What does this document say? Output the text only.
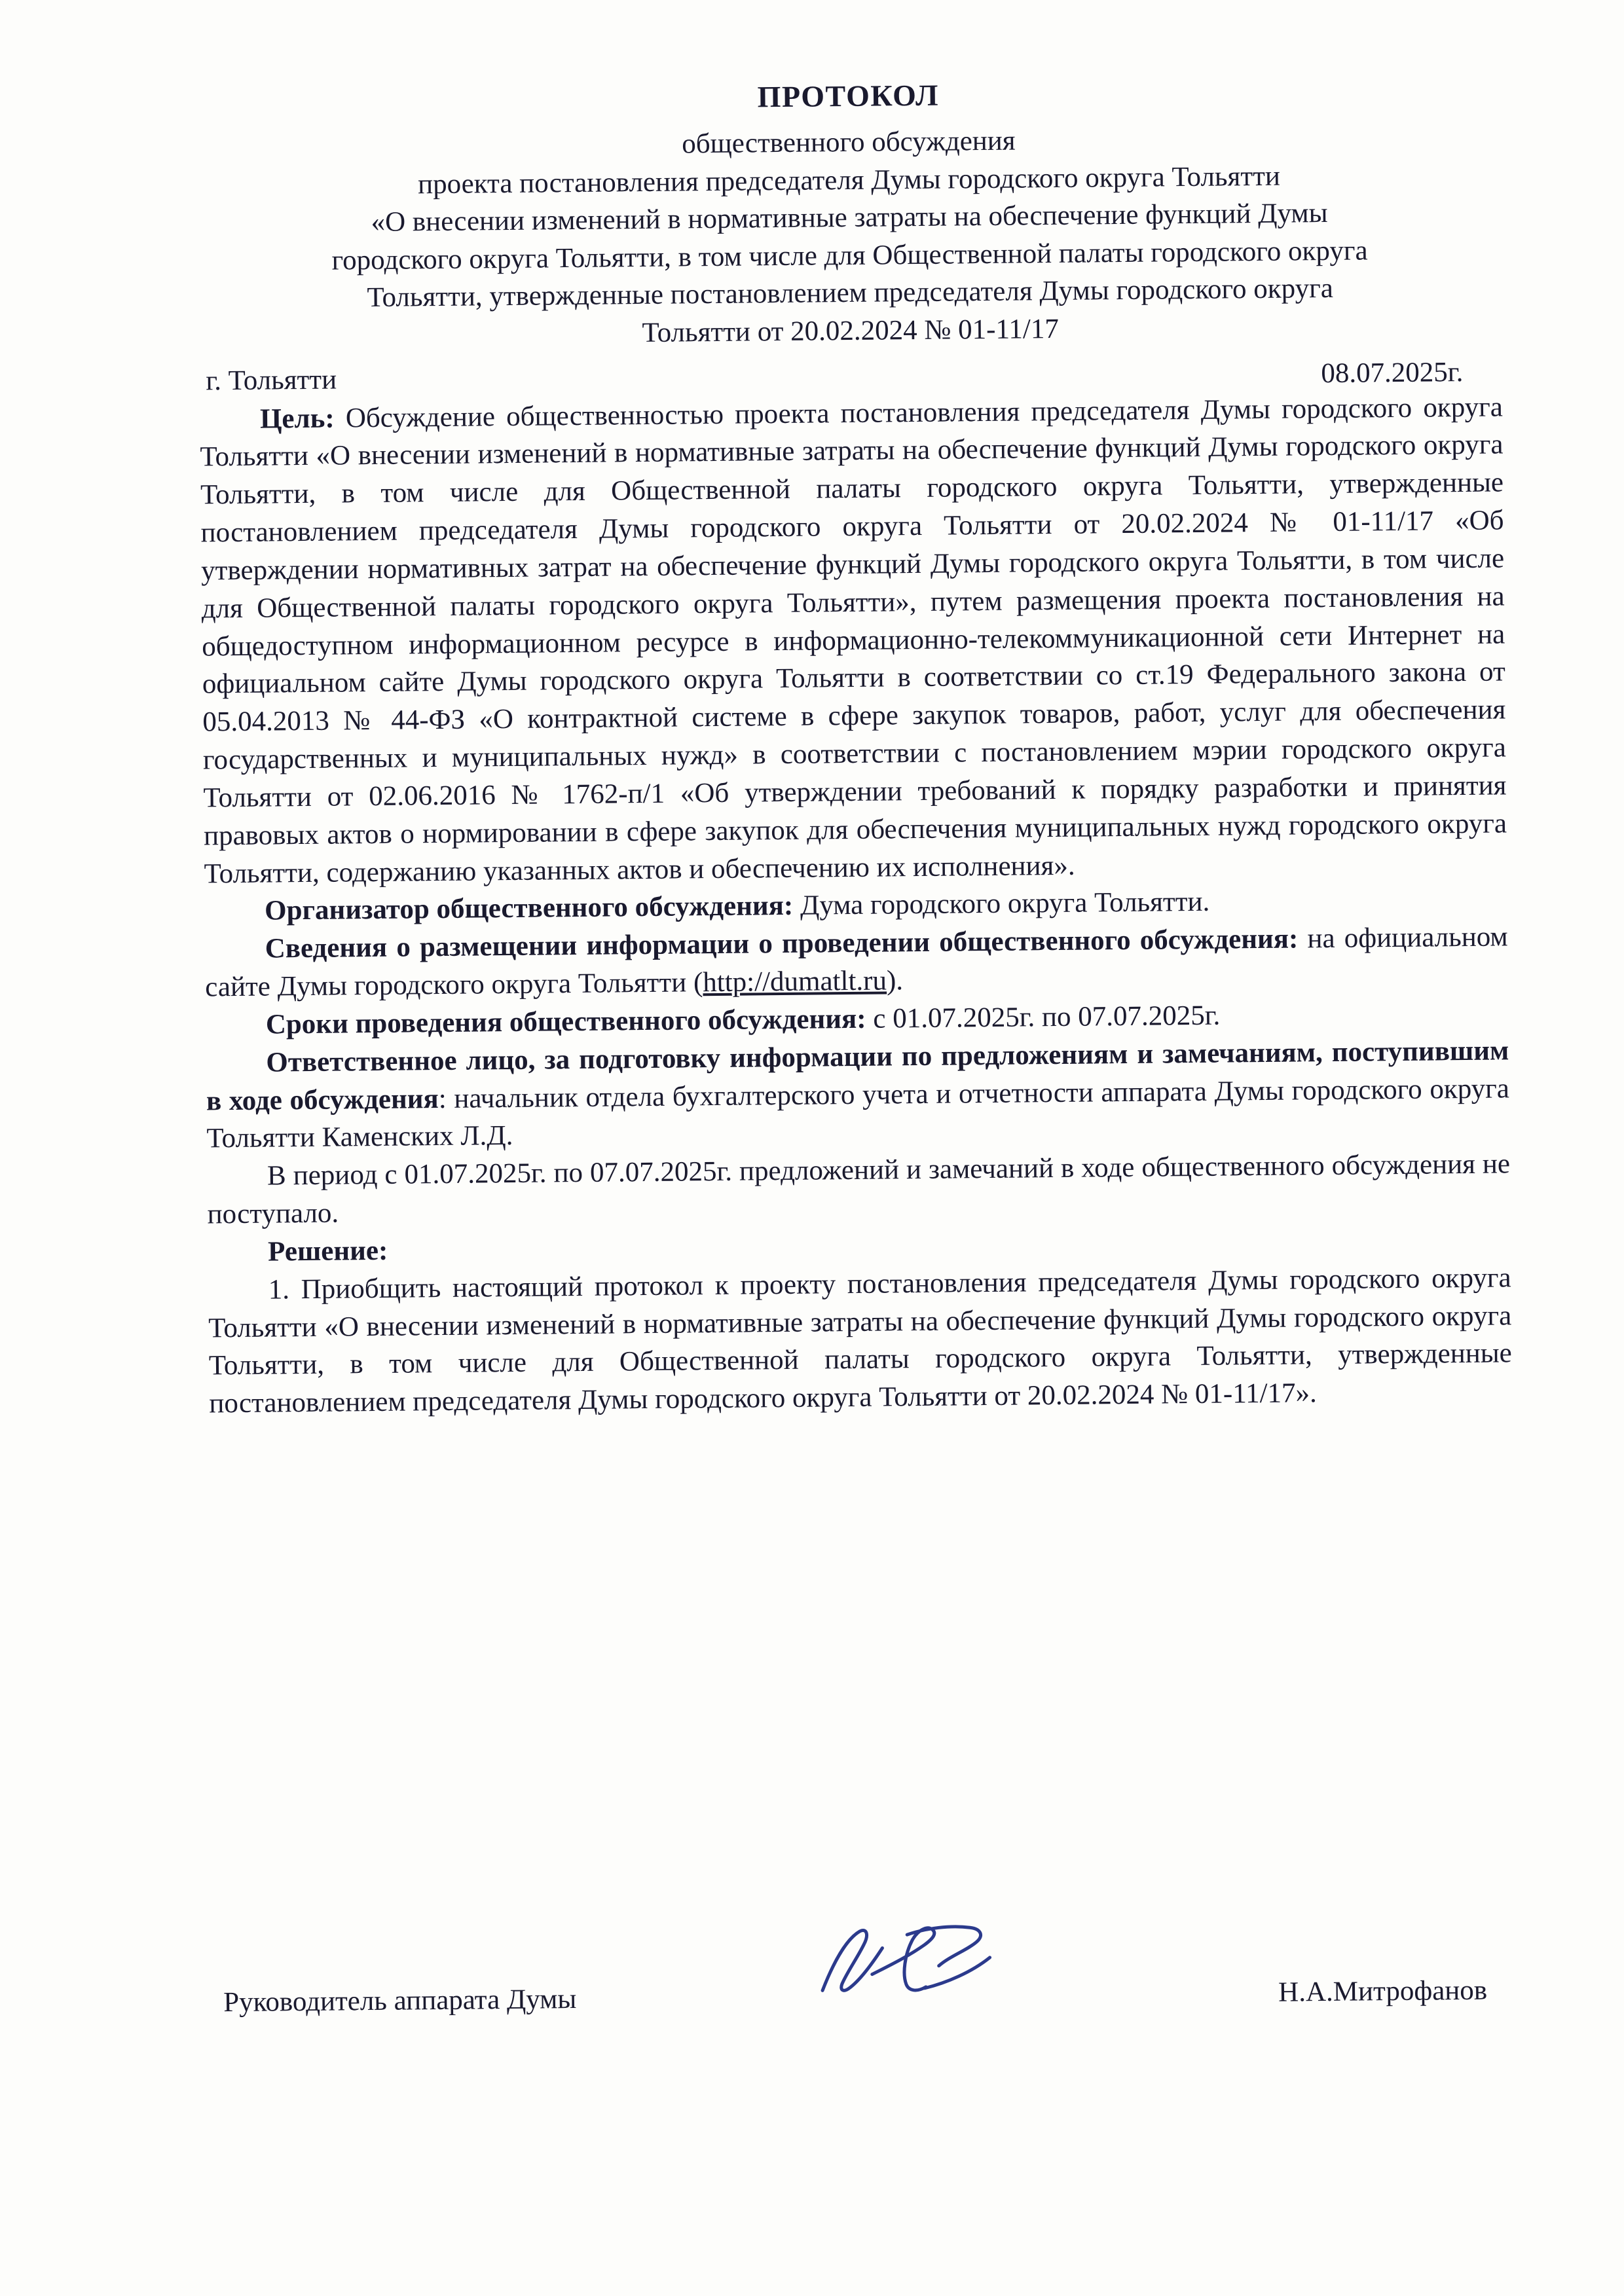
ПРОТОКОЛ
общественного обсуждения
проекта постановления председателя Думы городского округа Тольятти
«О внесении изменений в нормативные затраты на обеспечение функций Думы
городского округа Тольятти, в том числе для Общественной палаты городского округа
Тольятти, утвержденные постановлением председателя Думы городского округа
Тольятти от 20.02.2024 № 01-11/17
08.07.2025г.
г. Тольятти

Цель: Обсуждение общественностью проекта постановления председателя Думы городского округа Тольятти «О внесении изменений в нормативные затраты на обеспечение функций Думы городского округа Тольятти, в том числе для Общественной палаты городского округа Тольятти, утвержденные постановлением председателя Думы городского округа Тольятти от 20.02.2024 № 01-11/17 «Об утверждении нормативных затрат на обеспечение функций Думы городского округа Тольятти, в том числе для Общественной палаты городского округа Тольятти», путем размещения проекта постановления на общедоступном информационном ресурсе в информационно-телекоммуникационной сети Интернет на официальном сайте Думы городского округа Тольятти в соответствии со ст.19 Федерального закона от 05.04.2013 № 44-ФЗ «О контрактной системе в сфере закупок товаров, работ, услуг для обеспечения государственных и муниципальных нужд» в соответствии с постановлением мэрии городского округа Тольятти от 02.06.2016 № 1762-п/1 «Об утверждении требований к порядку разработки и принятия правовых актов о нормировании в сфере закупок для обеспечения муниципальных нужд городского округа Тольятти, содержанию указанных актов и обеспечению их исполнения».

Организатор общественного обсуждения: Дума городского округа Тольятти.

Сведения о размещении информации о проведении общественного обсуждения: на официальном сайте Думы городского округа Тольятти (http://dumatlt.ru).

Сроки проведения общественного обсуждения: с 01.07.2025г. по 07.07.2025г.

Ответственное лицо, за подготовку информации по предложениям и замечаниям, поступившим в ходе обсуждения: начальник отдела бухгалтерского учета и отчетности аппарата Думы городского округа Тольятти Каменских Л.Д.

В период с 01.07.2025г. по 07.07.2025г. предложений и замечаний в ходе общественного обсуждения не поступало.

Решение:

1. Приобщить настоящий протокол к проекту постановления председателя Думы городского округа Тольятти «О внесении изменений в нормативные затраты на обеспечение функций Думы городского округа Тольятти, в том числе для Общественной палаты городского округа Тольятти, утвержденные постановлением председателя Думы городского округа Тольятти от 20.02.2024 № 01-11/17».

Руководитель аппарата Думы	Н.А.Митрофанов
